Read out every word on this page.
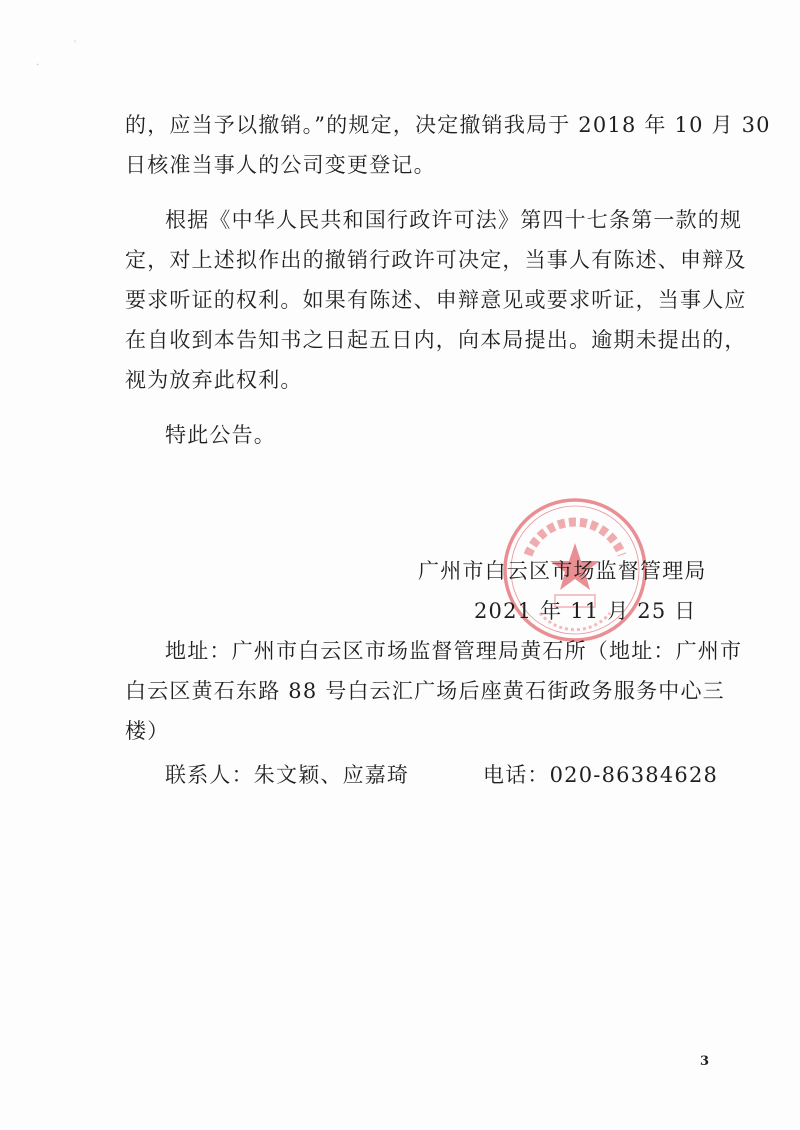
′
·
的，应当予以撤销。”的规定，决定撤销我局于 2018 年 10 月 30
日核准当事人的公司变更登记。
根据《中华人民共和国行政许可法》第四十七条第一款的规
定，对上述拟作出的撤销行政许可决定，当事人有陈述、申辩及
要求听证的权利。如果有陈述、申辩意见或要求听证，当事人应
在自收到本告知书之日起五日内，向本局提出。逾期未提出的，
视为放弃此权利。
特此公告。
广州市白云区市场监督管理局
2021 年 11 月 25 日
地址：广州市白云区市场监督管理局黄石所（地址：广州市
白云区黄石东路 88 号白云汇广场后座黄石街政务服务中心三
楼）
联系人：朱文颖、应嘉琦	电话：020-86384628
3
